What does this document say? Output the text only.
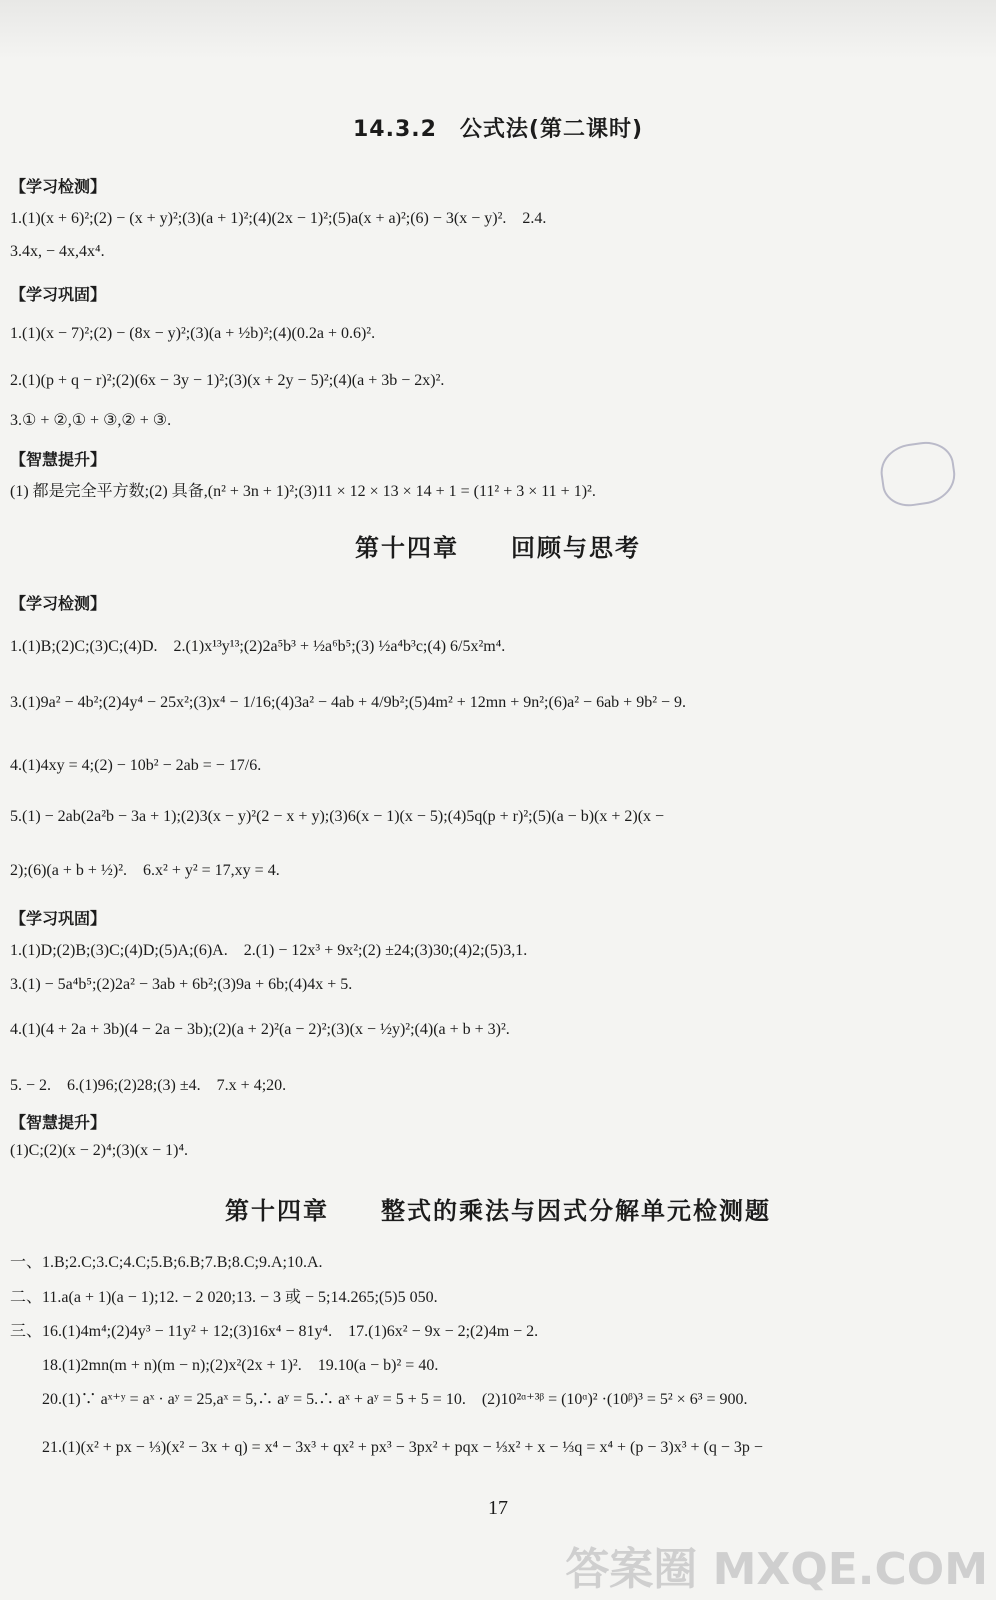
14.3.2　公式法(第二课时)
【学习检测】
1.(1)(x + 6)²;(2) − (x + y)²;(3)(a + 1)²;(4)(2x − 1)²;(5)a(x + a)²;(6) − 3(x − y)².　2.4.
3.4x, − 4x,4x⁴.
【学习巩固】
1.(1)(x − 7)²;(2) − (8x − y)²;(3)(a + ½b)²;(4)(0.2a + 0.6)².
2.(1)(p + q − r)²;(2)(6x − 3y − 1)²;(3)(x + 2y − 5)²;(4)(a + 3b − 2x)².
3.① + ②,① + ③,② + ③.
【智慧提升】
(1) 都是完全平方数;(2) 具备,(n² + 3n + 1)²;(3)11 × 12 × 13 × 14 + 1 = (11² + 3 × 11 + 1)².
第十四章　　回顾与思考
【学习检测】
1.(1)B;(2)C;(3)C;(4)D.　2.(1)x¹³y¹³;(2)2a⁵b³ + ½a⁶b⁵;(3) ½a⁴b³c;(4) 6/5x²m⁴.
3.(1)9a² − 4b²;(2)4y⁴ − 25x²;(3)x⁴ − 1/16;(4)3a² − 4ab + 4/9b²;(5)4m² + 12mn + 9n²;(6)a² − 6ab + 9b² − 9.
4.(1)4xy = 4;(2) − 10b² − 2ab = − 17/6.
5.(1) − 2ab(2a²b − 3a + 1);(2)3(x − y)²(2 − x + y);(3)6(x − 1)(x − 5);(4)5q(p + r)²;(5)(a − b)(x + 2)(x −
2);(6)(a + b + ½)².　6.x² + y² = 17,xy = 4.
【学习巩固】
1.(1)D;(2)B;(3)C;(4)D;(5)A;(6)A.　2.(1) − 12x³ + 9x²;(2) ±24;(3)30;(4)2;(5)3,1.
3.(1) − 5a⁴b⁵;(2)2a² − 3ab + 6b²;(3)9a + 6b;(4)4x + 5.
4.(1)(4 + 2a + 3b)(4 − 2a − 3b);(2)(a + 2)²(a − 2)²;(3)(x − ½y)²;(4)(a + b + 3)².
5. − 2.　6.(1)96;(2)28;(3) ±4.　7.x + 4;20.
【智慧提升】
(1)C;(2)(x − 2)⁴;(3)(x − 1)⁴.
第十四章　　整式的乘法与因式分解单元检测题
一、1.B;2.C;3.C;4.C;5.B;6.B;7.B;8.C;9.A;10.A.
二、11.a(a + 1)(a − 1);12. − 2 020;13. − 3 或 − 5;14.265;(5)5 050.
三、16.(1)4m⁴;(2)4y³ − 11y² + 12;(3)16x⁴ − 81y⁴.　17.(1)6x² − 9x − 2;(2)4m − 2.
　　18.(1)2mn(m + n)(m − n);(2)x²(2x + 1)².　19.10(a − b)² = 40.
　　20.(1)∵ aˣ⁺ʸ = aˣ · aʸ = 25,aˣ = 5,∴ aʸ = 5.∴ aˣ + aʸ = 5 + 5 = 10.　(2)10²ᵅ⁺³ᵝ = (10ᵅ)² ·(10ᵝ)³ = 5² × 6³ = 900.
　　21.(1)(x² + px − ⅓)(x² − 3x + q) = x⁴ − 3x³ + qx² + px³ − 3px² + pqx − ⅓x² + x − ⅓q = x⁴ + (p − 3)x³ + (q − 3p −
17
答案圈 MXQE.COM
